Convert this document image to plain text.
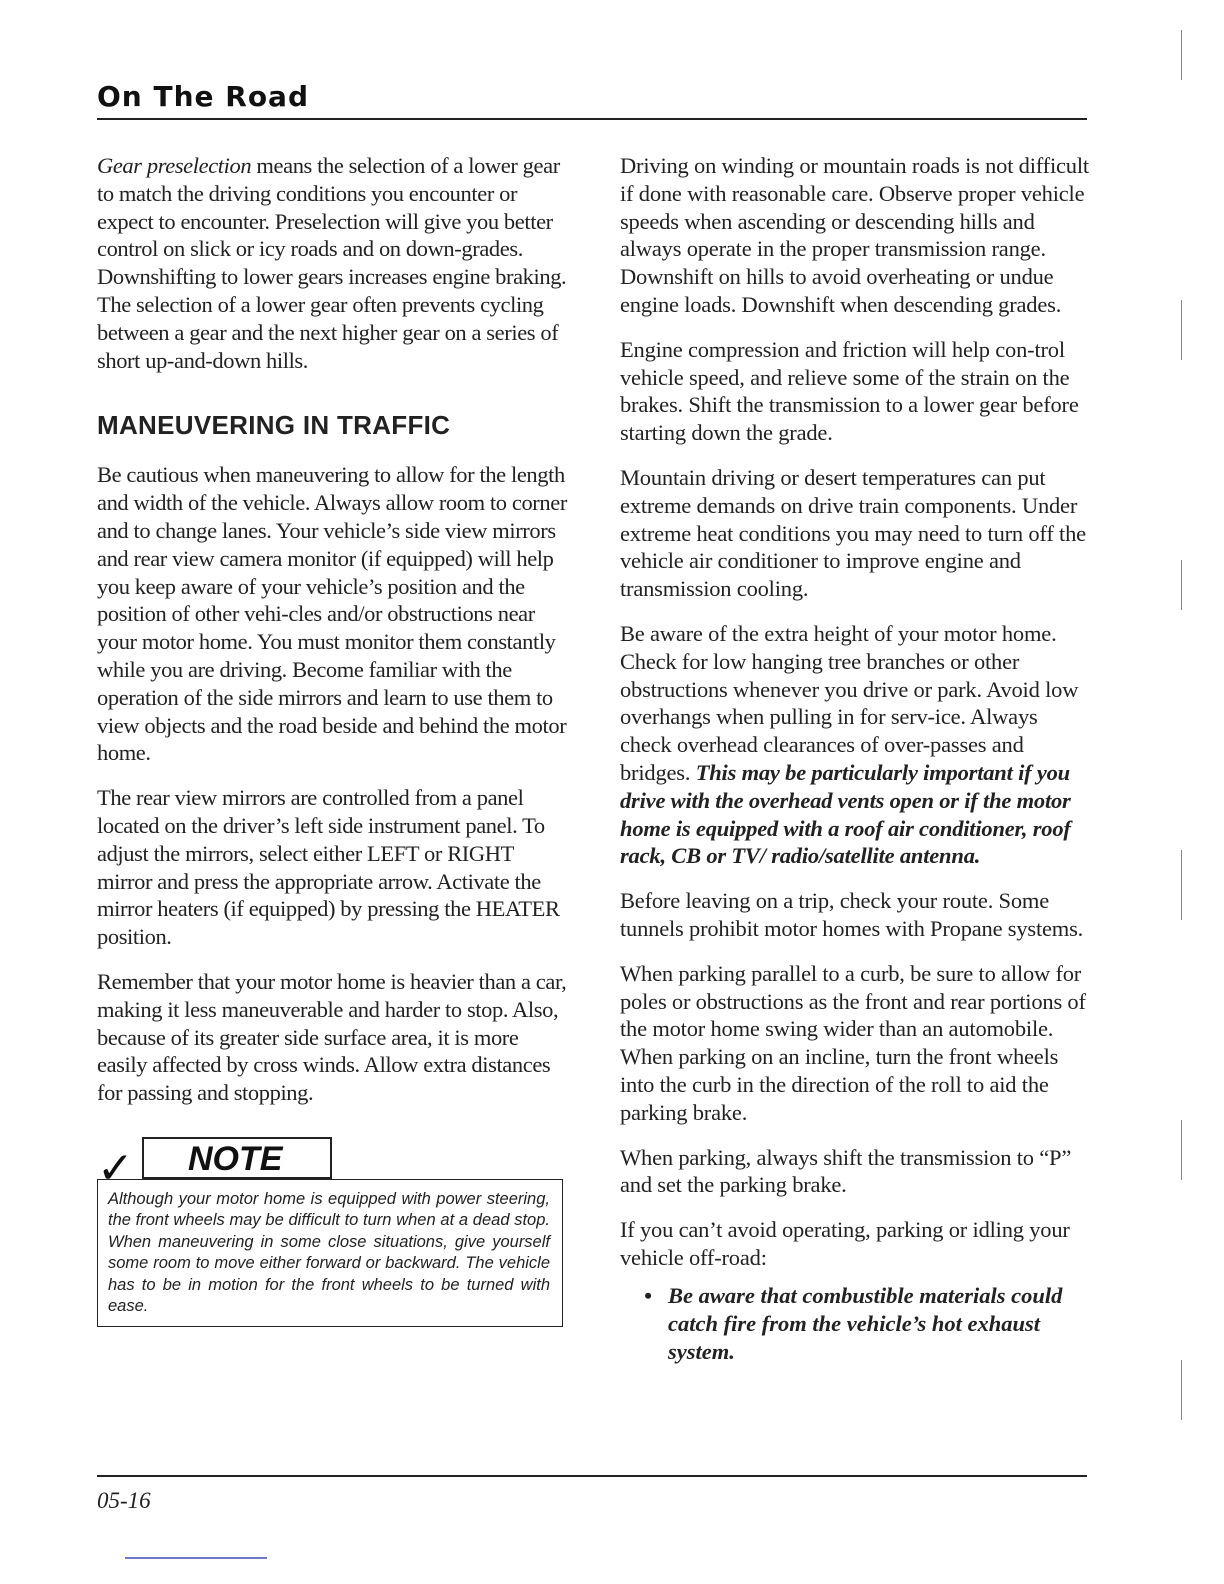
On The Road

Gear preselection means the selection of a lower gear to match the driving conditions you encounter or expect to encounter. Preselection will give you better control on slick or icy roads and on down-grades. Downshifting to lower gears increases engine braking. The selection of a lower gear often prevents cycling between a gear and the next higher gear on a series of short up-and-down hills.

MANEUVERING IN TRAFFIC

Be cautious when maneuvering to allow for the length and width of the vehicle. Always allow room to corner and to change lanes. Your vehicle’s side view mirrors and rear view camera monitor (if equipped) will help you keep aware of your vehicle’s position and the position of other vehi-cles and/or obstructions near your motor home. You must monitor them constantly while you are driving. Become familiar with the operation of the side mirrors and learn to use them to view objects and the road beside and behind the motor home.

The rear view mirrors are controlled from a panel located on the driver’s left side instrument panel. To adjust the mirrors, select either LEFT or RIGHT mirror and press the appropriate arrow. Activate the mirror heaters (if equipped) by pressing the HEATER position.

Remember that your motor home is heavier than a car, making it less maneuverable and harder to stop. Also, because of its greater side surface area, it is more easily affected by cross winds. Allow extra distances for passing and stopping.

✓	NOTE
Although your motor home is equipped with power steering, the front wheels may be difficult to turn when at a dead stop. When maneuvering in some close situations, give yourself some room to move either forward or backward. The vehicle has to be in motion for the front wheels to be turned with ease.

Driving on winding or mountain roads is not difficult if done with reasonable care. Observe proper vehicle speeds when ascending or descending hills and always operate in the proper transmission range. Downshift on hills to avoid overheating or undue engine loads. Downshift when descending grades.

Engine compression and friction will help con-trol vehicle speed, and relieve some of the strain on the brakes. Shift the transmission to a lower gear before starting down the grade.

Mountain driving or desert temperatures can put extreme demands on drive train components. Under extreme heat conditions you may need to turn off the vehicle air conditioner to improve engine and transmission cooling.

Be aware of the extra height of your motor home. Check for low hanging tree branches or other obstructions whenever you drive or park. Avoid low overhangs when pulling in for serv-ice. Always check overhead clearances of over-passes and bridges. This may be particularly important if you drive with the overhead vents open or if the motor home is equipped with a roof air conditioner, roof rack, CB or TV/ radio/satellite antenna.

Before leaving on a trip, check your route. Some tunnels prohibit motor homes with Propane systems.

When parking parallel to a curb, be sure to allow for poles or obstructions as the front and rear portions of the motor home swing wider than an automobile. When parking on an incline, turn the front wheels into the curb in the direction of the roll to aid the parking brake.

When parking, always shift the transmission to “P” and set the parking brake.

If you can’t avoid operating, parking or idling your vehicle off-road:

• Be aware that combustible materials could catch fire from the vehicle’s hot exhaust system.
05-16
